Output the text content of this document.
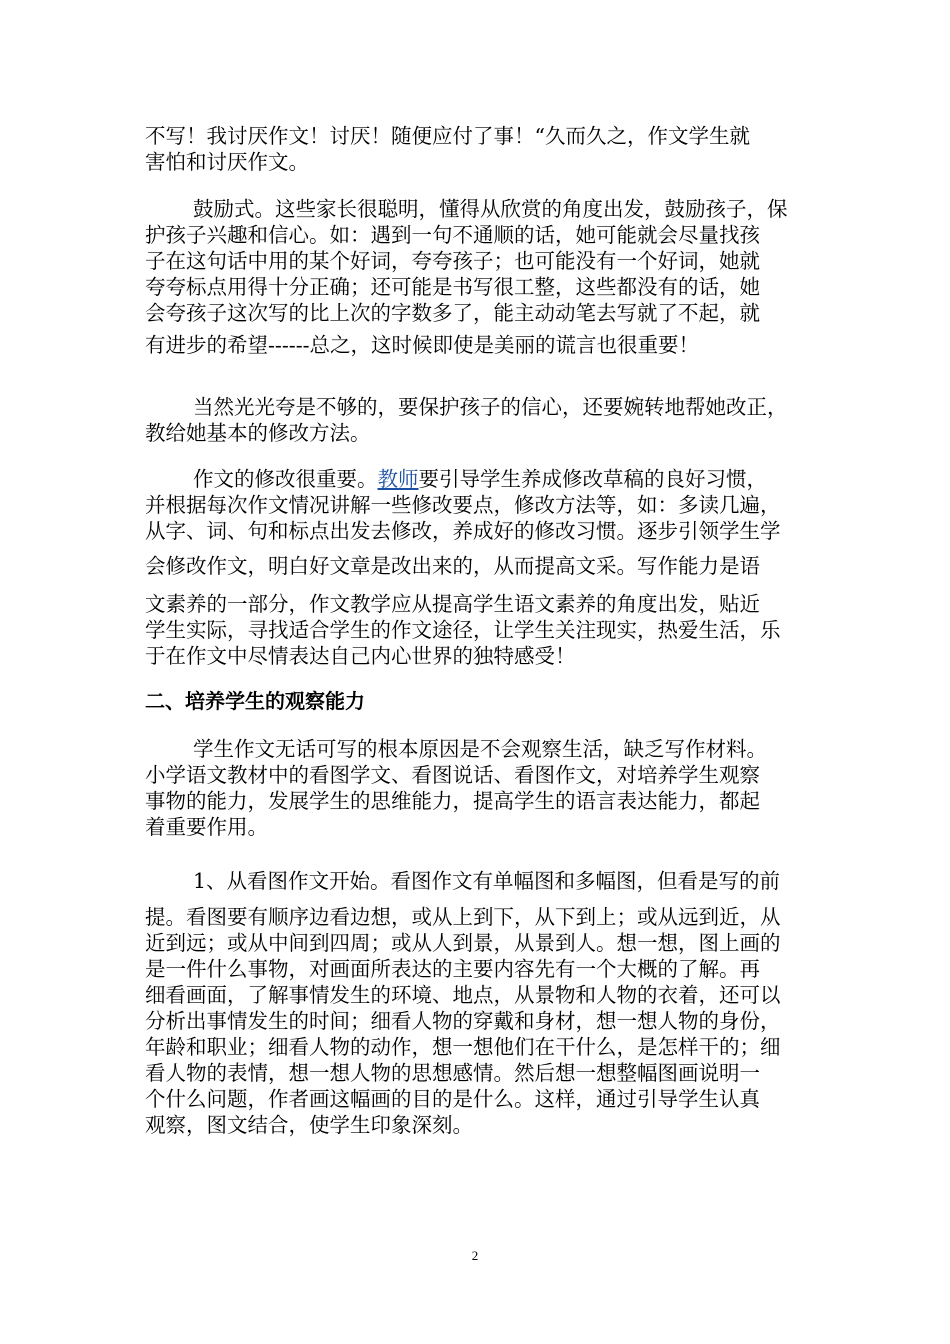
不写！我讨厌作文！讨厌！随便应付了事！“久而久之，作文学生就

害怕和讨厌作文。

鼓励式。这些家长很聪明，懂得从欣赏的角度出发，鼓励孩子，保

护孩子兴趣和信心。如：遇到一句不通顺的话，她可能就会尽量找孩

子在这句话中用的某个好词，夸夸孩子；也可能没有一个好词，她就

夸夸标点用得十分正确；还可能是书写很工整，这些都没有的话，她

会夸孩子这次写的比上次的字数多了，能主动动笔去写就了不起，就

有进步的希望------总之，这时候即使是美丽的谎言也很重要！

当然光光夸是不够的，要保护孩子的信心，还要婉转地帮她改正，

教给她基本的修改方法。

作文的修改很重要。教师要引导学生养成修改草稿的良好习惯，

并根据每次作文情况讲解一些修改要点，修改方法等，如：多读几遍，

从字、词、句和标点出发去修改，养成好的修改习惯。逐步引领学生学

会修改作文，明白好文章是改出来的，从而提高文采。写作能力是语

文素养的一部分，作文教学应从提高学生语文素养的角度出发，贴近

学生实际，寻找适合学生的作文途径，让学生关注现实，热爱生活，乐

于在作文中尽情表达自己内心世界的独特感受！

二、培养学生的观察能力

学生作文无话可写的根本原因是不会观察生活，缺乏写作材料。

小学语文教材中的看图学文、看图说话、看图作文，对培养学生观察

事物的能力，发展学生的思维能力，提高学生的语言表达能力，都起

着重要作用。

1、从看图作文开始。看图作文有单幅图和多幅图，但看是写的前

提。看图要有顺序边看边想，或从上到下，从下到上；或从远到近，从

近到远；或从中间到四周；或从人到景，从景到人。想一想，图上画的

是一件什么事物，对画面所表达的主要内容先有一个大概的了解。再

细看画面，了解事情发生的环境、地点，从景物和人物的衣着，还可以

分析出事情发生的时间；细看人物的穿戴和身材，想一想人物的身份，

年龄和职业；细看人物的动作，想一想他们在干什么，是怎样干的；细

看人物的表情，想一想人物的思想感情。然后想一想整幅图画说明一

个什么问题，作者画这幅画的目的是什么。这样，通过引导学生认真

观察，图文结合，使学生印象深刻。

2
